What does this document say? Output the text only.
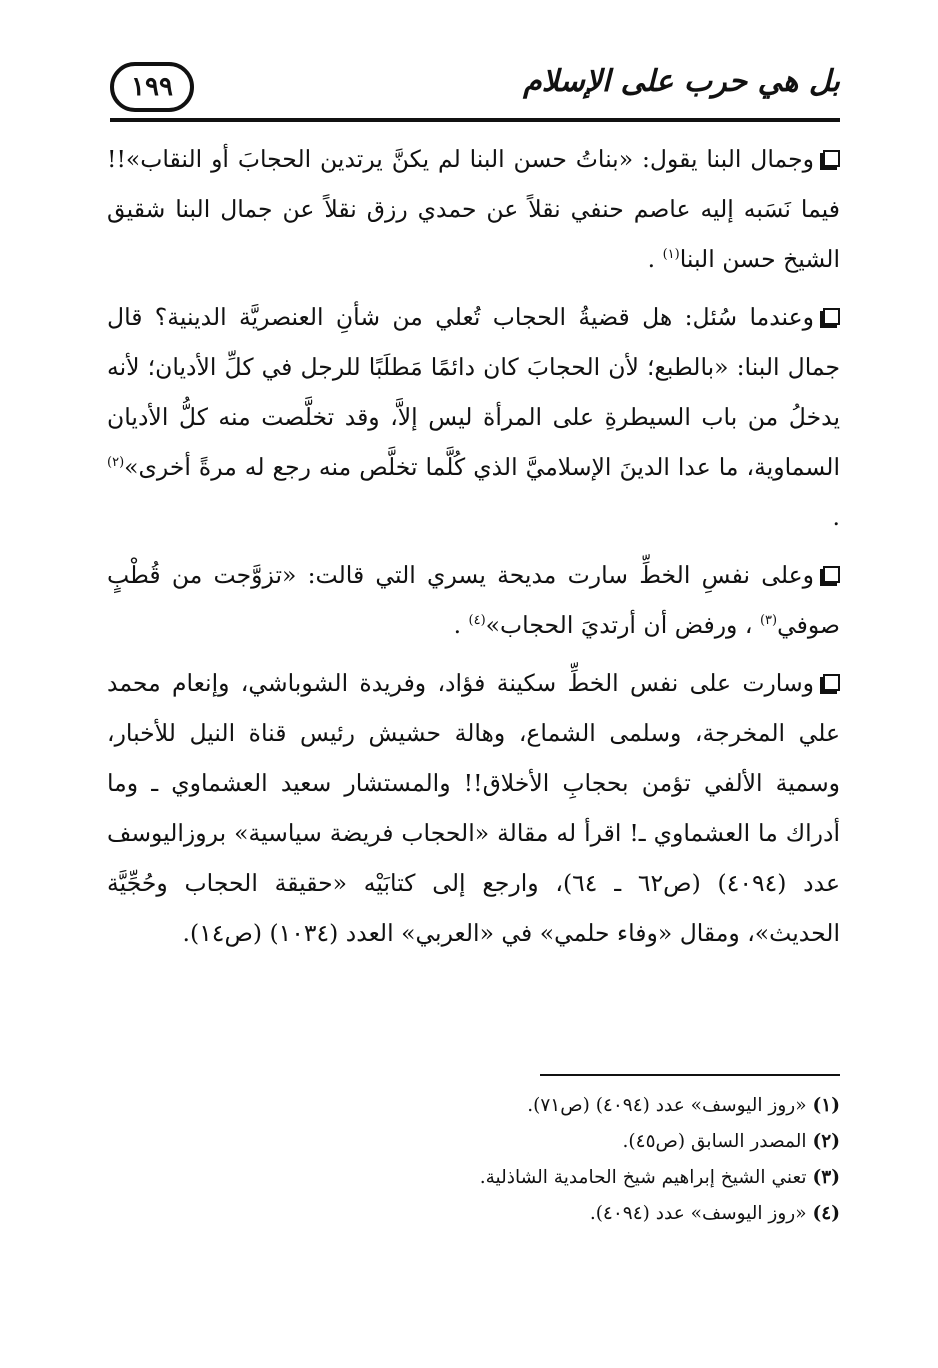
بل هي حرب على الإسلام
١٩٩

وجمال البنا يقول: «بناتُ حسن البنا لم يكنَّ يرتدين الحجابَ أو النقاب»!! فيما نَسَبه إليه عاصم حنفي نقلاً عن حمدي رزق نقلاً عن جمال البنا شقيق الشيخ حسن البنا$^{(١)}$ .

وعندما سُئل: هل قضيةُ الحجاب تُعلي من شأنِ العنصريَّة الدينية؟ قال جمال البنا: «بالطبع؛ لأن الحجابَ كان دائمًا مَطلَبًا للرجل في كلِّ الأديان؛ لأنه يدخلُ من باب السيطرةِ على المرأة ليس إلاَّ، وقد تخلَّصت منه كلُّ الأديان السماوية، ما عدا الدينَ الإسلاميَّ الذي كُلَّما تخلَّص منه رجع له مرةً أخرى»$^{(٢)}$ .

وعلى نفسِ الخطِّ سارت مديحة يسري التي قالت: «تزوَّجت من قُطْبٍ صوفي$^{(٣)}$ ، ورفض أن أرتديَ الحجاب»$^{(٤)}$ .

وسارت على نفس الخطِّ سكينة فؤاد، وفريدة الشوباشي، وإنعام محمد علي المخرجة، وسلمى الشماع، وهالة حشيش رئيس قناة النيل للأخبار، وسمية الألفي تؤمن بحجابِ الأخلاق!! والمستشار سعيد العشماوي ـ وما أدراك ما العشماوي ـ! اقرأ له مقالة «الحجاب فريضة سياسية» بروزاليوسف عدد (٤٠٩٤) (ص٦٢ ـ ٦٤)، وارجع إلى كتابَيْه «حقيقة الحجاب وحُجِّيَّة الحديث»، ومقال «وفاء حلمي» في «العربي» العدد (١٠٣٤) (ص١٤).

(١)«روز اليوسف» عدد (٤٠٩٤) (ص٧١).
(٢)المصدر السابق (ص٤٥).
(٣)تعني الشيخ إبراهيم شيخ الحامدية الشاذلية.
(٤)«روز اليوسف» عدد (٤٠٩٤).
